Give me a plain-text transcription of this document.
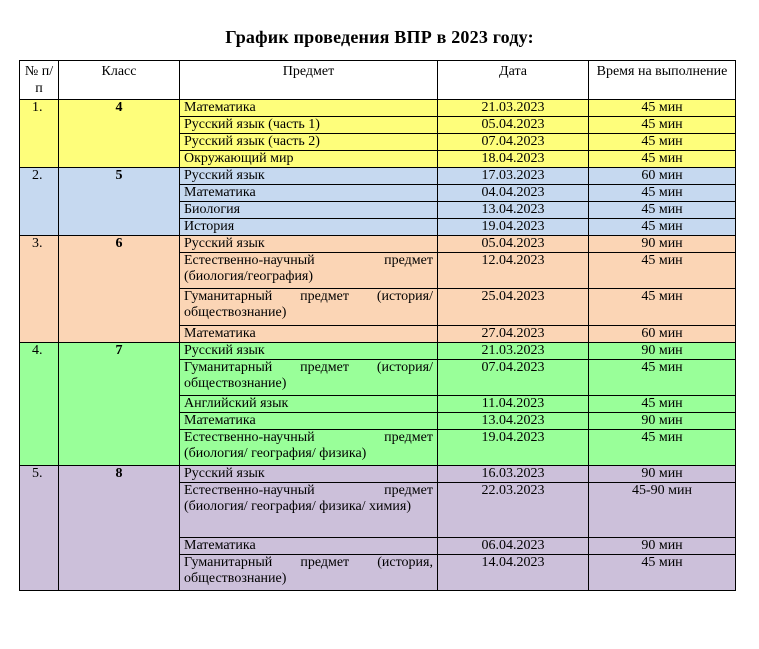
График проведения ВПР в 2023 году:
№ п/п	Класс	Предмет	Дата	Время на выполнение
1.	4	Математика	21.03.2023	45 мин
		Русский язык (часть 1)	05.04.2023	45 мин
		Русский язык (часть 2)	07.04.2023	45 мин
		Окружающий мир	18.04.2023	45 мин
2.	5	Русский язык	17.03.2023	60 мин
		Математика	04.04.2023	45 мин
		Биология	13.04.2023	45 мин
		История	19.04.2023	45 мин
3.	6	Русский язык	05.04.2023	90 мин
		Естественно-научный предмет (биология/география)	12.04.2023	45 мин
		Гуманитарный предмет (история/ обществознание)	25.04.2023	45 мин
		Математика	27.04.2023	60 мин
4.	7	Русский язык	21.03.2023	90 мин
		Гуманитарный предмет (история/ обществознание)	07.04.2023	45 мин
		Английский язык	11.04.2023	45 мин
		Математика	13.04.2023	90 мин
		Естественно-научный предмет (биология/ география/ физика)	19.04.2023	45 мин
5.	8	Русский язык	16.03.2023	90 мин
		Естественно-научный предмет (биология/ география/ физика/ химия)	22.03.2023	45-90 мин
		Математика	06.04.2023	90 мин
		Гуманитарный предмет (история, обществознание)	14.04.2023	45 мин
